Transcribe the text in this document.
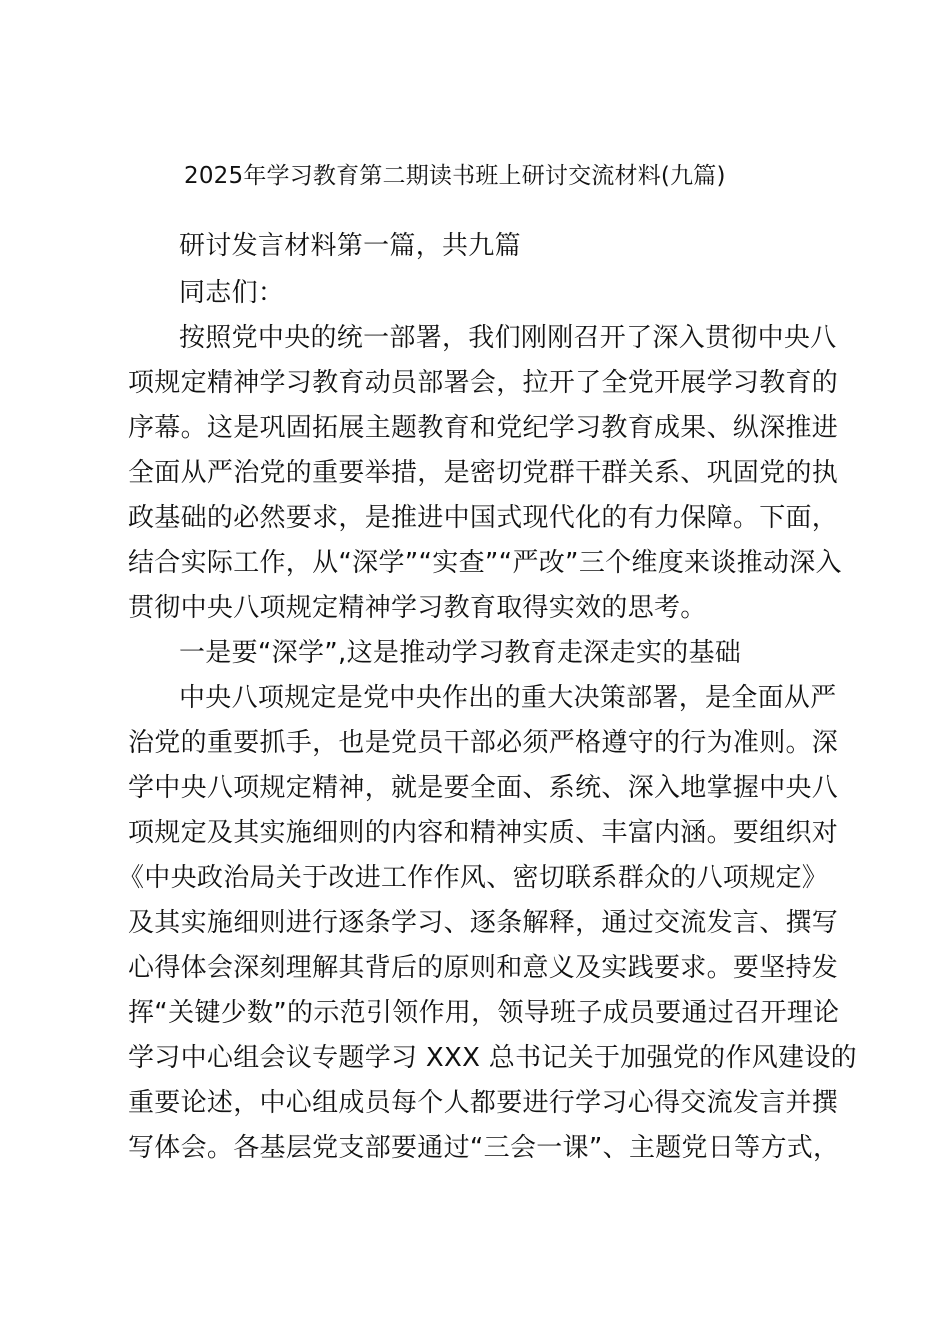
2025年学习教育第二期读书班上研讨交流材料(九篇)
研讨发言材料第一篇，共九篇
同志们：
按照党中央的统一部署，我们刚刚召开了深入贯彻中央八
项规定精神学习教育动员部署会，拉开了全党开展学习教育的
序幕。这是巩固拓展主题教育和党纪学习教育成果、纵深推进
全面从严治党的重要举措，是密切党群干群关系、巩固党的执
政基础的必然要求，是推进中国式现代化的有力保障。下面，
结合实际工作，从“深学”“实查”“严改”三个维度来谈推动深入
贯彻中央八项规定精神学习教育取得实效的思考。
一是要“深学”,这是推动学习教育走深走实的基础
中央八项规定是党中央作出的重大决策部署，是全面从严
治党的重要抓手，也是党员干部必须严格遵守的行为准则。深
学中央八项规定精神，就是要全面、系统、深入地掌握中央八
项规定及其实施细则的内容和精神实质、丰富内涵。要组织对
《中央政治局关于改进工作作风、密切联系群众的八项规定》
及其实施细则进行逐条学习、逐条解释，通过交流发言、撰写
心得体会深刻理解其背后的原则和意义及实践要求。要坚持发
挥“关键少数”的示范引领作用，领导班子成员要通过召开理论
学习中心组会议专题学习 XXX 总书记关于加强党的作风建设的
重要论述，中心组成员每个人都要进行学习心得交流发言并撰
写体会。各基层党支部要通过“三会一课”、主题党日等方式，
